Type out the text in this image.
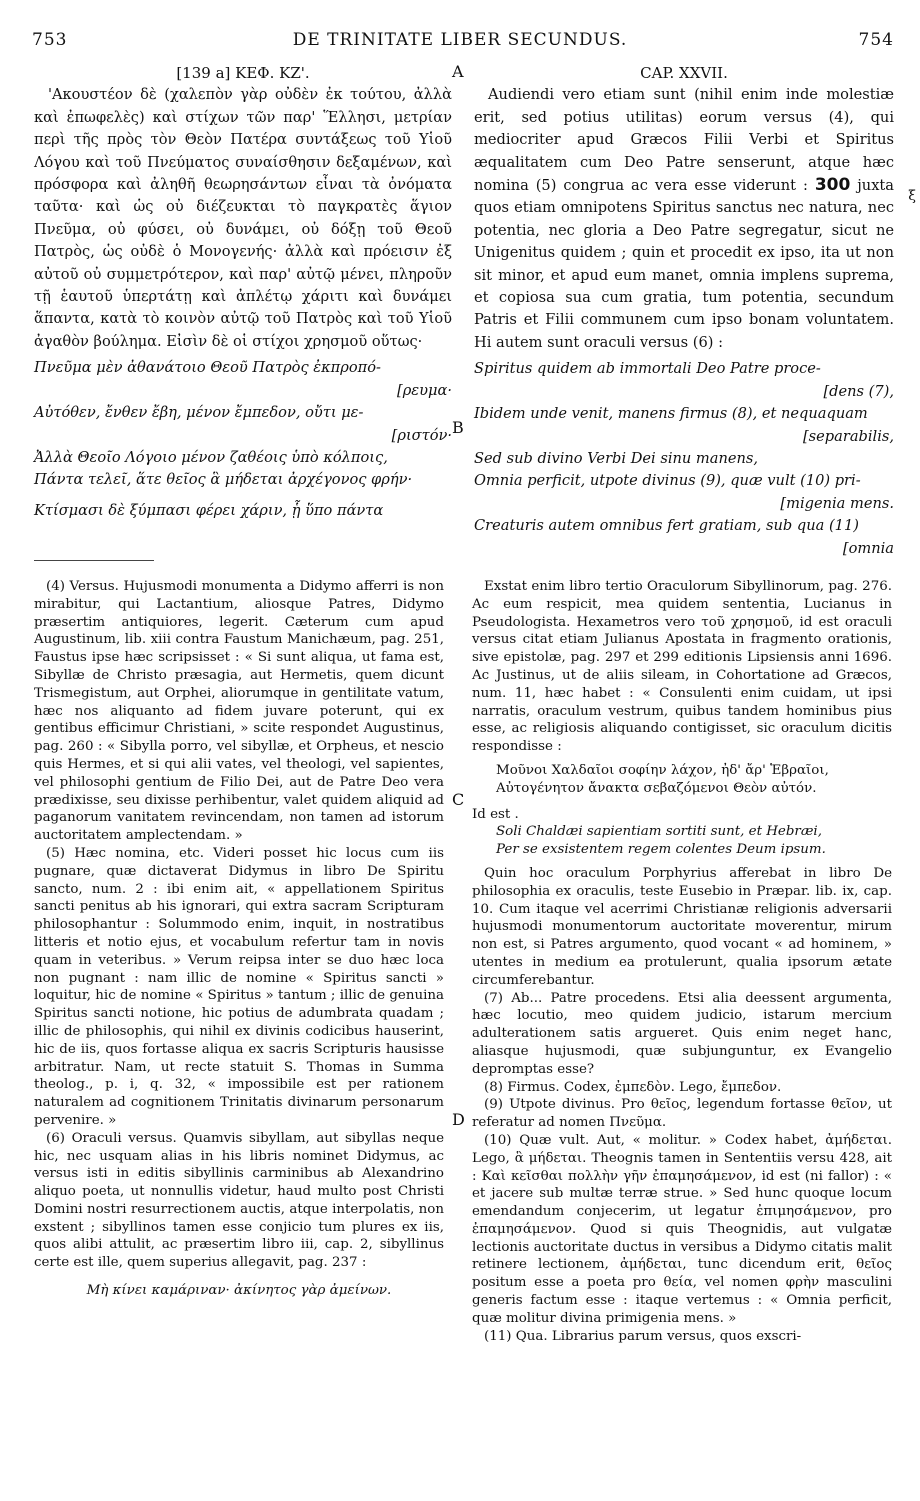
753	DE TRINITATE LIBER SECUNDUS.	754

[139 a] ΚΕΦ. ΚΖ'.

'Ακουστέον δὲ (χαλεπὸν γὰρ οὐδὲν ἐκ τούτου, ἀλλὰ καὶ ἐπωφελὲς) καὶ στίχων τῶν παρ' Ἕλλησι, μετρίαν περὶ τῆς πρὸς τὸν Θεὸν Πατέρα συντάξεως τοῦ Υἱοῦ Λόγου καὶ τοῦ Πνεύματος συναίσθησιν δεξαμένων, καὶ πρόσφορα καὶ ἀληθῆ θεωρησάντων εἶναι τὰ ὀνόματα ταῦτα· καὶ ὡς οὐ διέζευκται τὸ παγκρατὲς ἅγιον Πνεῦμα, οὐ φύσει, οὐ δυνάμει, οὐ δόξῃ τοῦ Θεοῦ Πατρὸς, ὡς οὐδὲ ὁ Μονογενής· ἀλλὰ καὶ πρόεισιν ἐξ αὐτοῦ οὐ συμμετρότερον, καὶ παρ' αὐτῷ μένει, πληροῦν τῇ ἑαυτοῦ ὑπερτάτῃ καὶ ἀπλέτῳ χάριτι καὶ δυνάμει ἅπαντα, κατὰ τὸ κοινὸν αὐτῷ τοῦ Πατρὸς καὶ τοῦ Υἱοῦ ἀγαθὸν βούλημα. Εἰσὶν δὲ οἱ στίχοι χρησμοῦ οὕτως·

Πνεῦμα μὲν ἀθανάτοιο Θεοῦ Πατρὸς ἐκπροπό-
[ρευμα·
Αὐτόθεν, ἔνθεν ἔβη, μένον ἔμπεδον, οὔτι με-
[ριστόν·
Ἀλλὰ Θεοῖο Λόγοιο μένον ζαθέοις ὑπὸ κόλποις,
Πάντα τελεῖ, ἅτε θεῖος ἃ μήδεται ἀρχέγονος φρήν·
Κτίσμασι δὲ ξύμπασι φέρει χάριν, ᾗ ὕπο πάντα
A
B
C
D
ξ

CAP. XXVII.

Audiendi vero etiam sunt (nihil enim inde molestiæ erit, sed potius utilitas) eorum versus (4), qui mediocriter apud Græcos Filii Verbi et Spiritus æqualitatem cum Deo Patre senserunt, atque hæc nomina (5) congrua ac vera esse viderunt : 300 juxta quos etiam omnipotens Spiritus sanctus nec natura, nec potentia, nec gloria a Deo Patre segregatur, sicut ne Unigenitus quidem ; quin et procedit ex ipso, ita ut non sit minor, et apud eum manet, omnia implens suprema, et copiosa sua cum gratia, tum potentia, secundum Patris et Filii communem cum ipso bonam voluntatem. Hi autem sunt oraculi versus (6) :

Spiritus quidem ab immortali Deo Patre proce-
[dens (7),
Ibidem unde venit, manens firmus (8), et nequaquam
[separabilis,
Sed sub divino Verbi Dei sinu manens,
Omnia perficit, utpote divinus (9), quæ vult (10) pri-
[migenia mens.
Creaturis autem omnibus fert gratiam, sub qua (11)
[omnia

(4) Versus. Hujusmodi monumenta a Didymo afferri is non mirabitur, qui Lactantium, aliosque Patres, Didymo præsertim antiquiores, legerit. Cæterum cum apud Augustinum, lib. xiii contra Faustum Manichæum, pag. 251, Faustus ipse hæc scripsisset : « Si sunt aliqua, ut fama est, Sibyllæ de Christo præsagia, aut Hermetis, quem dicunt Trismegistum, aut Orphei, aliorumque in gentilitate vatum, hæc nos aliquanto ad fidem juvare poterunt, qui ex gentibus efficimur Christiani, » scite respondet Augustinus, pag. 260 : « Sibylla porro, vel sibyllæ, et Orpheus, et nescio quis Hermes, et si qui alii vates, vel theologi, vel sapientes, vel philosophi gentium de Filio Dei, aut de Patre Deo vera prædixisse, seu dixisse perhibentur, valet quidem aliquid ad paganorum vanitatem revincendam, non tamen ad istorum auctoritatem amplectendam. »

(5) Hæc nomina, etc. Videri posset hic locus cum iis pugnare, quæ dictaverat Didymus in libro De Spiritu sancto, num. 2 : ibi enim ait, « appellationem Spiritus sancti penitus ab his ignorari, qui extra sacram Scripturam philosophantur : Solummodo enim, inquit, in nostratibus litteris et notio ejus, et vocabulum refertur tam in novis quam in veteribus. » Verum reipsa inter se duo hæc loca non pugnant : nam illic de nomine « Spiritus sancti » loquitur, hic de nomine « Spiritus » tantum ; illic de genuina Spiritus sancti notione, hic potius de adumbrata quadam ; illic de philosophis, qui nihil ex divinis codicibus hauserint, hic de iis, quos fortasse aliqua ex sacris Scripturis hausisse arbitratur. Nam, ut recte statuit S. Thomas in Summa theolog., p. i, q. 32, « impossibile est per rationem naturalem ad cognitionem Trinitatis divinarum personarum pervenire. »

(6) Oraculi versus. Quamvis sibyllam, aut sibyllas neque hic, nec usquam alias in his libris nominet Didymus, ac versus isti in editis sibyllinis carminibus ab Alexandrino aliquo poeta, ut nonnullis videtur, haud multo post Christi Domini nostri resurrectionem auctis, atque interpolatis, non exstent ; sibyllinos tamen esse conjicio tum plures ex iis, quos alibi attulit, ac præsertim libro iii, cap. 2, sibyllinus certe est ille, quem superius allegavit, pag. 237 :

Μὴ κίνει καμάριναν· ἀκίνητος γὰρ ἀμείνων.

Exstat enim libro tertio Oraculorum Sibyllinorum, pag. 276. Ac eum respicit, mea quidem sententia, Lucianus in Pseudologista. Hexametros vero τοῦ χρησμοῦ, id est oraculi versus citat etiam Julianus Apostata in fragmento orationis, sive epistolæ, pag. 297 et 299 editionis Lipsiensis anni 1696. Ac Justinus, ut de aliis sileam, in Cohortatione ad Græcos, num. 11, hæc habet : « Consulenti enim cuidam, ut ipsi narratis, oraculum vestrum, quibus tandem hominibus pius esse, ac religiosis aliquando contigisset, sic oraculum dicitis respondisse :

Μοῦνοι Χαλδαῖοι σοφίην λάχον, ἠδ' ἄρ' Ἑβραῖοι,

Αὐτογένητον ἄνακτα σεβαζόμενοι Θεὸν αὐτόν.

Id est .

Soli Chaldæi sapientiam sortiti sunt, et Hebræi,

Per se exsistentem regem colentes Deum ipsum.

Quin hoc oraculum Porphyrius afferebat in libro De philosophia ex oraculis, teste Eusebio in Præpar. lib. ix, cap. 10. Cum itaque vel acerrimi Christianæ religionis adversarii hujusmodi monumentorum auctoritate moverentur, mirum non est, si Patres argumento, quod vocant « ad hominem, » utentes in medium ea protulerunt, qualia ipsorum ætate circumferebantur.

(7) Ab... Patre procedens. Etsi alia deessent argumenta, hæc locutio, meo quidem judicio, istarum mercium adulterationem satis argueret. Quis enim neget hanc, aliasque hujusmodi, quæ subjunguntur, ex Evangelio depromptas esse?

(8) Firmus. Codex, ἐμπεδὸν. Lego, ἔμπεδον.

(9) Utpote divinus. Pro θεῖος, legendum fortasse θεῖον, ut referatur ad nomen Πνεῦμα.

(10) Quæ vult. Aut, « molitur. » Codex habet, ἀμήδεται. Lego, ἃ μήδεται. Theognis tamen in Sententiis versu 428, ait : Καὶ κεῖσθαι πολλὴν γῆν ἐπαμησάμενον, id est (ni fallor) : « et jacere sub multæ terræ strue. » Sed hunc quoque locum emendandum conjecerim, ut legatur ἐπιμησάμενον, pro ἐπαμησάμενον. Quod si quis Theognidis, aut vulgatæ lectionis auctoritate ductus in versibus a Didymo citatis malit retinere lectionem, ἀμήδεται, tunc dicendum erit, θεῖος positum esse a poeta pro θεία, vel nomen φρὴν masculini generis factum esse : itaque vertemus : « Omnia perficit, quæ molitur divina primigenia mens. »

(11) Qua. Librarius parum versus, quos exscri-
